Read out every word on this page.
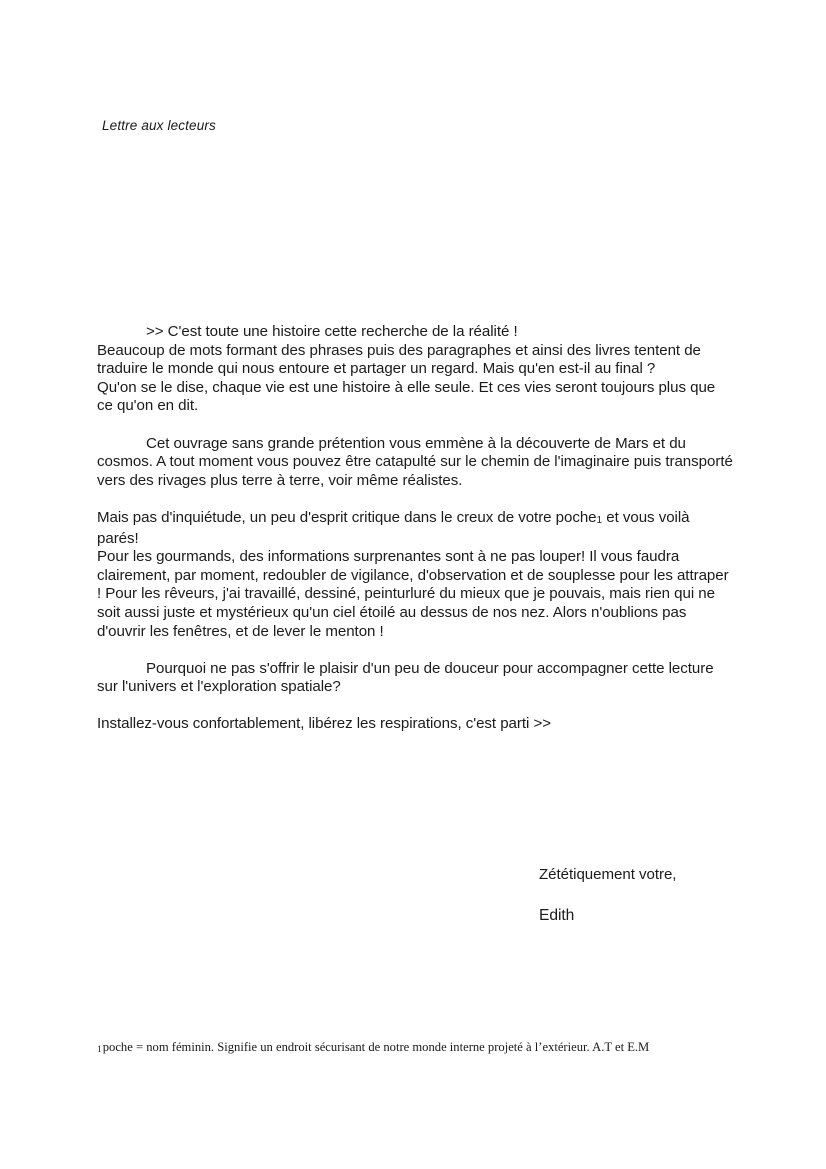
Lettre aux lecteurs

>> C'est toute une histoire cette recherche de la réalité !

Beaucoup de mots formant des phrases puis des paragraphes et ainsi des livres tentent de traduire le monde qui nous entoure et partager un regard. Mais qu'en est-il au final ?

Qu'on se le dise, chaque vie est une histoire à elle seule. Et ces vies seront toujours plus que ce qu'on en dit.

Cet ouvrage sans grande prétention vous emmène à la découverte de Mars et du cosmos. A tout moment vous pouvez être catapulté sur le chemin de l'imaginaire puis transporté vers des rivages plus terre à terre, voir même réalistes.

Mais pas d'inquiétude, un peu d'esprit critique dans le creux de votre poche1 et vous voilà parés!

Pour les gourmands, des informations surprenantes sont à ne pas louper! Il vous faudra clairement, par moment, redoubler de vigilance, d'observation et de souplesse pour les attraper ! Pour les rêveurs, j'ai travaillé, dessiné, peinturluré du mieux que je pouvais, mais rien qui ne soit aussi juste et mystérieux qu'un ciel étoilé au dessus de nos nez. Alors n'oublions pas d'ouvrir les fenêtres, et de lever le menton !

Pourquoi ne pas s'offrir le plaisir d'un peu de douceur pour accompagner cette lecture sur l'univers et l'exploration spatiale?

Installez-vous confortablement, libérez les respirations, c'est parti >>

Zététiquement votre,

Edith

1poche = nom féminin. Signifie un endroit sécurisant de notre monde interne projeté à l’extérieur. A.T et E.M
